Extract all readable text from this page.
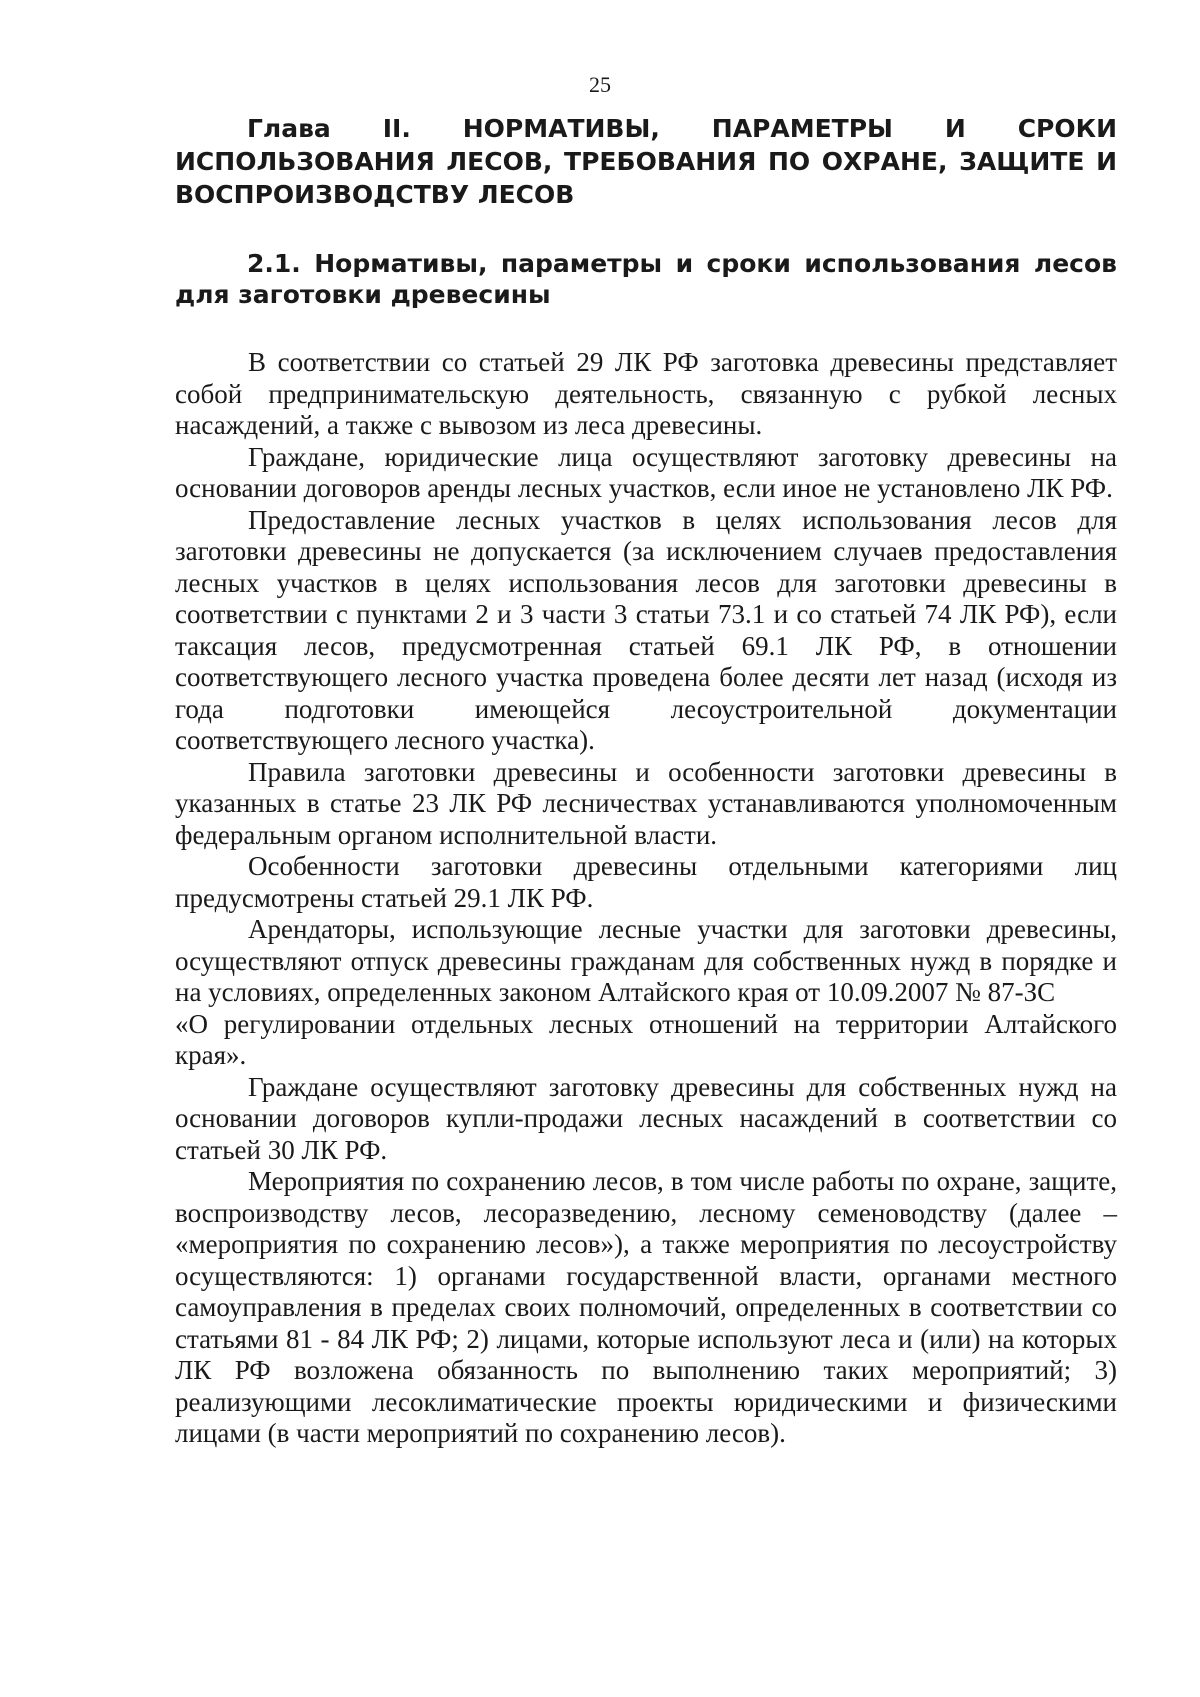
25
Глава II. НОРМАТИВЫ, ПАРАМЕТРЫ И СРОКИ ИСПОЛЬЗОВАНИЯ ЛЕСОВ, ТРЕБОВАНИЯ ПО ОХРАНЕ, ЗАЩИТЕ И ВОСПРОИЗВОДСТВУ ЛЕСОВ
2.1. Нормативы, параметры и сроки использования лесов для заготовки древесины

В соответствии со статьей 29 ЛК РФ заготовка древесины представляет собой предпринимательскую деятельность, связанную с рубкой лесных насаждений, а также с вывозом из леса древесины.

Граждане, юридические лица осуществляют заготовку древесины на основании договоров аренды лесных участков, если иное не установлено ЛК РФ.

Предоставление лесных участков в целях использования лесов для заготовки древесины не допускается (за исключением случаев предоставления лесных участков в целях использования лесов для заготовки древесины в соответствии с пунктами 2 и 3 части 3 статьи 73.1 и со статьей 74 ЛК РФ), если таксация лесов, предусмотренная статьей 69.1 ЛК РФ, в отношении соответствующего лесного участка проведена более десяти лет назад (исходя из года подготовки имеющейся лесоустроительной документации соответствующего лесного участка).

Правила заготовки древесины и особенности заготовки древесины в указанных в статье 23 ЛК РФ лесничествах устанавливаются уполномоченным федеральным органом исполнительной власти.

Особенности заготовки древесины отдельными категориями лиц предусмотрены статьей 29.1 ЛК РФ.

Арендаторы, использующие лесные участки для заготовки древесины, осуществляют отпуск древесины гражданам для собственных нужд в порядке и на условиях, определенных законом Алтайского края от 10.09.2007 № 87-ЗС

«О регулировании отдельных лесных отношений на территории Алтайского края».

Граждане осуществляют заготовку древесины для собственных нужд на основании договоров купли-продажи лесных насаждений в соответствии со статьей 30 ЛК РФ.

Мероприятия по сохранению лесов, в том числе работы по охране, защите, воспроизводству лесов, лесоразведению, лесному семеноводству (далее – «мероприятия по сохранению лесов»), а также мероприятия по лесоустройству осуществляются: 1) органами государственной власти, органами местного самоуправления в пределах своих полномочий, определенных в соответствии со статьями 81 - 84 ЛК РФ; 2) лицами, которые используют леса и (или) на которых ЛК РФ возложена обязанность по выполнению таких мероприятий; 3) реализующими лесоклиматические проекты юридическими и физическими лицами (в части мероприятий по сохранению лесов).
